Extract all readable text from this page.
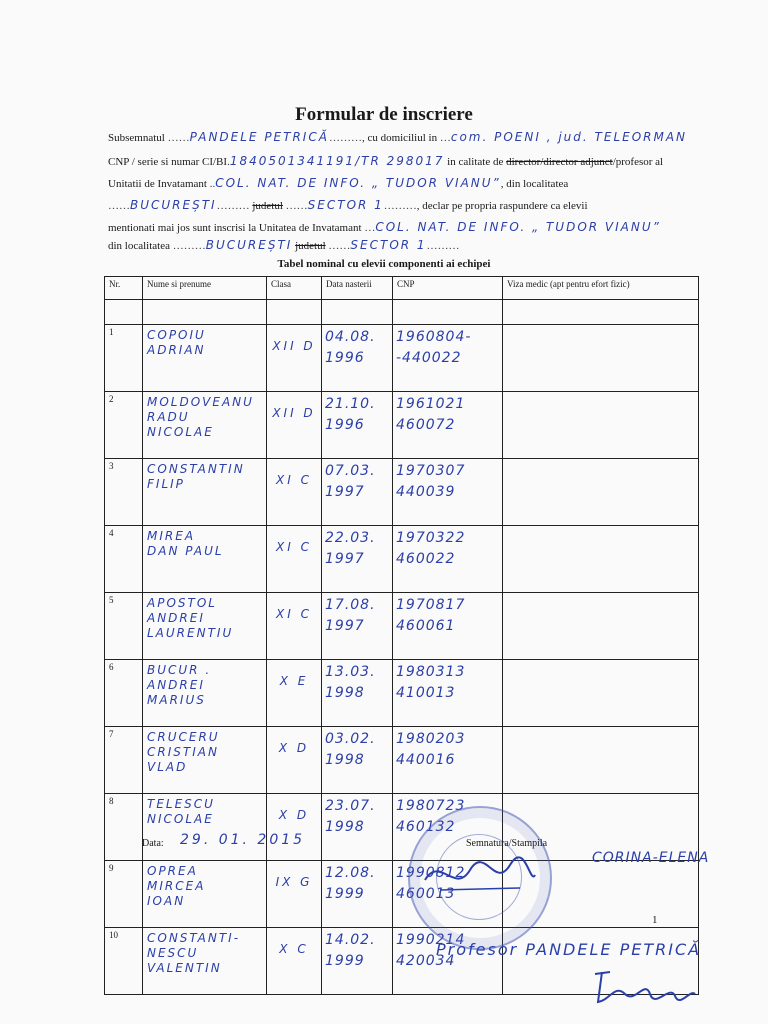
Formular de inscriere
Subsemnatul ……PANDELE PETRICĂ………, cu domiciliul in …com. POENI , jud. TELEORMAN
CNP / serie si numar CI/BI.1840501341191/TR 298017 in calitate de director/director adjunct/profesor al
Unitatii de Invatamant ..COL. NAT. DE INFO. „ TUDOR VIANU”, din localitatea
……BUCUREȘTI……… judetul ……SECTOR 1………, declar pe propria raspundere ca elevii
mentionati mai jos sunt inscrisi la Unitatea de Invatamant …COL. NAT. DE INFO. „ TUDOR VIANU”
din localitatea ………BUCUREȘTI judetul ……SECTOR 1………
Tabel nominal cu elevii componenti ai echipei
Nr.	Nume si prenume	Clasa	Data nasterii	CNP	Viza medic (apt pentru efort fizic)

1	COPOIU
ADRIAN	XII D	04.08.
1996	1960804-
-440022	
2	MOLDOVEANU
RADU
NICOLAE	XII D	21.10.
1996	1961021
460072	
3	CONSTANTIN
FILIP	XI C	07.03.
1997	1970307
440039	
4	MIREA
DAN PAUL	XI C	22.03.
1997	1970322
460022	
5	APOSTOL
ANDREI
LAURENTIU	XI C	17.08.
1997	1970817
460061	
6	BUCUR .
ANDREI
MARIUS	X E	13.03.
1998	1980313
410013	
7	CRUCERU
CRISTIAN
VLAD	X D	03.02.
1998	1980203
440016	
8	TELESCU
NICOLAE	X D	23.07.
1998	1980723
460132	
9	OPREA
MIRCEA
IOAN	IX G	12.08.
1999	1990812
460013	
10	CONSTANTI-
NESCU
VALENTIN	X C	14.02.
1999	1990214
420034	
Data: 29. 01. 2015	Semnatura/Stampila
CORINA-ELENA
1
Profesor PANDELE PETRICĂ
